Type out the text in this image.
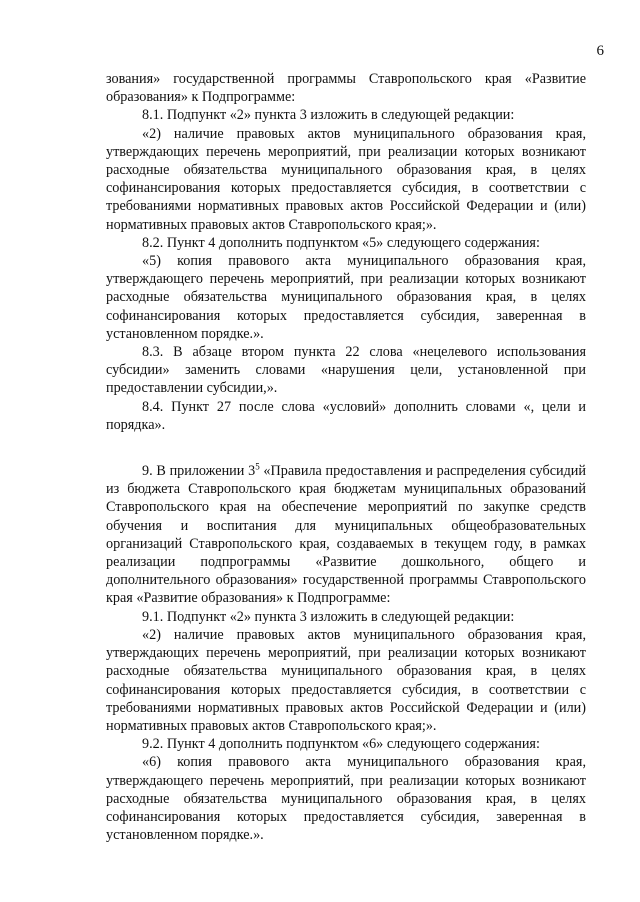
6

зования» государственной программы Ставропольского края «Развитие образования» к Подпрограмме:

8.1. Подпункт «2» пункта 3 изложить в следующей редакции:

«2) наличие правовых актов муниципального образования края, утверждающих перечень мероприятий, при реализации которых возникают расходные обязательства муниципального образования края, в целях софинансирования которых предоставляется субсидия, в соответствии с требованиями нормативных правовых актов Российской Федерации и (или) нормативных правовых актов Ставропольского края;».

8.2. Пункт 4 дополнить подпунктом «5» следующего содержания:

«5) копия правового акта муниципального образования края, утверждающего перечень мероприятий, при реализации которых возникают расходные обязательства муниципального образования края, в целях софинансирования которых предоставляется субсидия, заверенная в установленном порядке.».

8.3. В абзаце втором пункта 22 слова «нецелевого использования субсидии» заменить словами «нарушения цели, установленной при предоставлении субсидии,».

8.4. Пункт 27 после слова «условий» дополнить словами «, цели и порядка».

9. В приложении $3^5$ «Правила предоставления и распределения субсидий из бюджета Ставропольского края бюджетам муниципальных образований Ставропольского края на обеспечение мероприятий по закупке средств обучения и воспитания для муниципальных общеобразовательных организаций Ставропольского края, создаваемых в текущем году, в рамках реализации подпрограммы «Развитие дошкольного, общего и дополнительного образования» государственной программы Ставропольского края «Развитие образования» к Подпрограмме:

9.1. Подпункт «2» пункта 3 изложить в следующей редакции:

«2) наличие правовых актов муниципального образования края, утверждающих перечень мероприятий, при реализации которых возникают расходные обязательства муниципального образования края, в целях софинансирования которых предоставляется субсидия, в соответствии с требованиями нормативных правовых актов Российской Федерации и (или) нормативных правовых актов Ставропольского края;».

9.2. Пункт 4 дополнить подпунктом «6» следующего содержания:

«6) копия правового акта муниципального образования края, утверждающего перечень мероприятий, при реализации которых возникают расходные обязательства муниципального образования края, в целях софинансирования которых предоставляется субсидия, заверенная в установленном порядке.».
